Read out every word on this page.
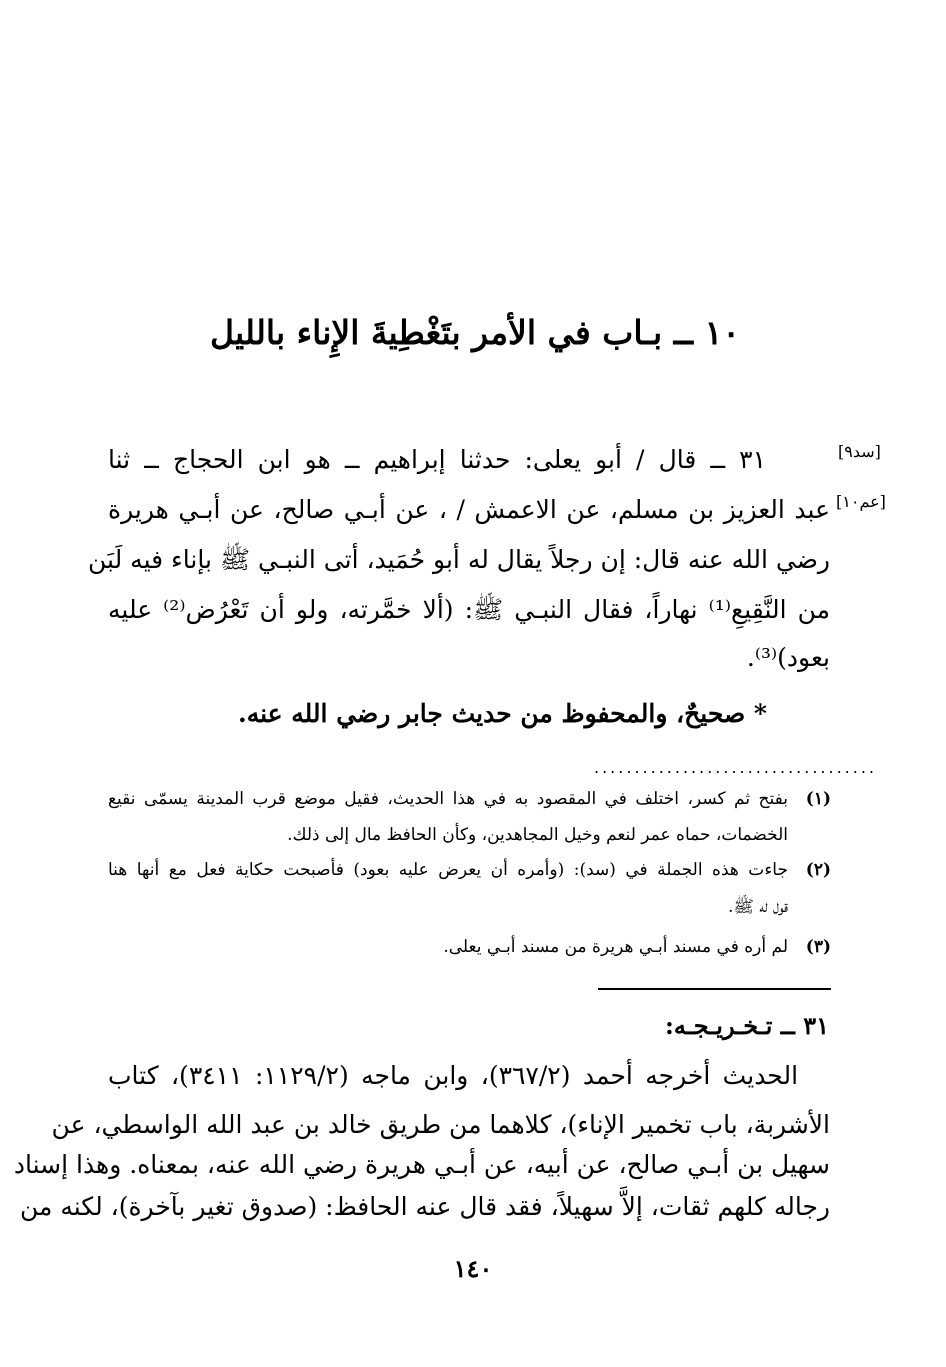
١٠ ــ بـاب في الأمر بتَغْطِيةَ الإِناء بالليل
[سد٩]
[عم١٠]
٣١ ــ قال / أبو يعلى: حدثنا إبراهيم ــ هو ابن الحجاج ــ ثنا
عبد العزيز بن مسلم، عن الاعمش / ، عن أبـي صالح، عن أبـي هريرة
رضي الله عنه قال: إن رجلاً يقال له أبو حُمَيد، أتى النبـي ﷺ بإناء فيه لَبَن
من النَّقِيعِ⁽¹⁾ نهاراً، فقال النبـي ﷺ: (ألا خمَّرته، ولو أن تَعْرُض⁽²⁾ عليه
بعود)⁽³⁾.
* صحيحٌ، والمحفوظ من حديث جابر رضي الله عنه.
...................................
(١)
بفتح ثم كسر، اختلف في المقصود به في هذا الحديث، فقيل موضع قرب المدينة يسمّى نقيع
الخضمات، حماه عمر لنعم وخيل المجاهدين، وكأن الحافظ مال إلى ذلك.
(٢)
جاءت هذه الجملة في (سد): (وأمره أن يعرض عليه بعود) فأصبحت حكاية فعل مع أنها هنا
قول له ﷺ.
(٣)
لم أره في مسند أبـي هريرة من مسند أبـي يعلى.
٣١ ــ تـخـريـجـه:
الحديث أخرجه أحمد (٣٦٧/٢)، وابن ماجه (١١٢٩/٢: ٣٤١١)، كتاب
الأشربة، باب تخمير الإناء)، كلاهما من طريق خالد بن عبد الله الواسطي، عن
سهيل بن أبـي صالح، عن أبيه، عن أبـي هريرة رضي الله عنه، بمعناه. وهذا إسناد
رجاله كلهم ثقات، إلاَّ سهيلاً، فقد قال عنه الحافظ: (صدوق تغير بآخرة)، لكنه من
١٤٠
